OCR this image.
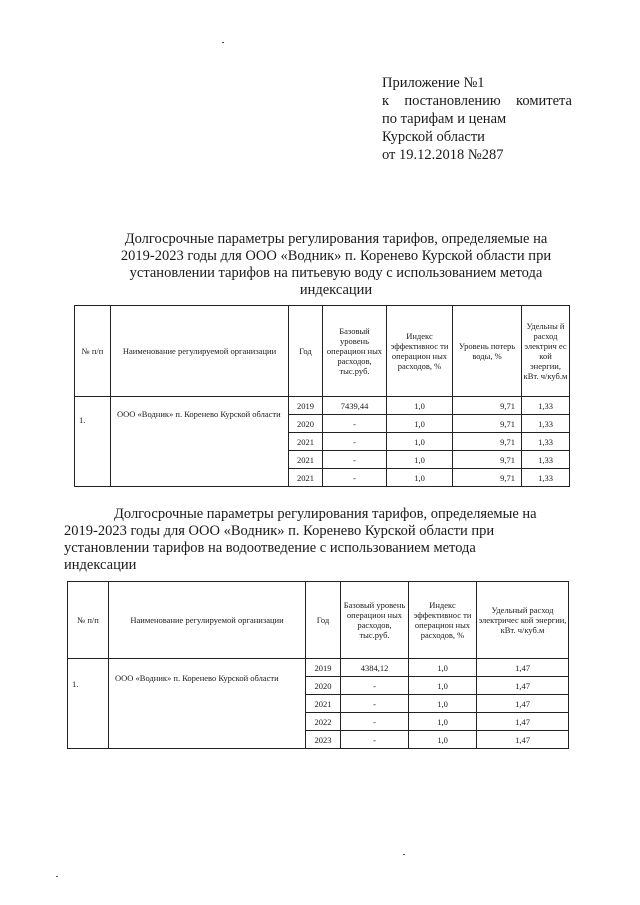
Приложение №1
к постановлению комитета
по тарифам и ценам
Курской области
от 19.12.2018 №287
Долгосрочные параметры регулирования тарифов, определяемые на
2019-2023 годы для ООО «Водник» п. Коренево Курской области при
установлении тарифов на питьевую воду с использованием метода
индексации
№ п/п	Наименование регулируемой организации	Год	Базовый уровень операцион ных расходов, тыс.руб.	Индекс эффективнос ти операцион ных расходов, %	Уровень потерь воды, %	Удельны й расход электрич ес кой энергии, кВт. ч/куб.м
1.	ООО «Водник» п. Коренево Курской области	2019	7439,44	1,0	9,71	1,33
		2020	-	1,0	9,71	1,33
		2021	-	1,0	9,71	1,33
		2021	-	1,0	9,71	1,33
		2021	-	1,0	9,71	1,33
Долгосрочные параметры регулирования тарифов, определяемые на
2019-2023 годы для ООО «Водник» п. Коренево Курской области при
установлении тарифов на водоотведение с использованием метода
индексации
№ п/п	Наименование регулируемой организации	Год	Базовый уровень операцион ных расходов, тыс.руб.	Индекс эффективнос ти операцион ных расходов, %	Удельный расход электричес кой энергии, кВт. ч/куб.м
1.	ООО «Водник» п. Коренево Курской области	2019	4384,12	1,0	1,47
		2020	-	1,0	1,47
		2021	-	1,0	1,47
		2022	-	1,0	1,47
		2023	-	1,0	1,47
